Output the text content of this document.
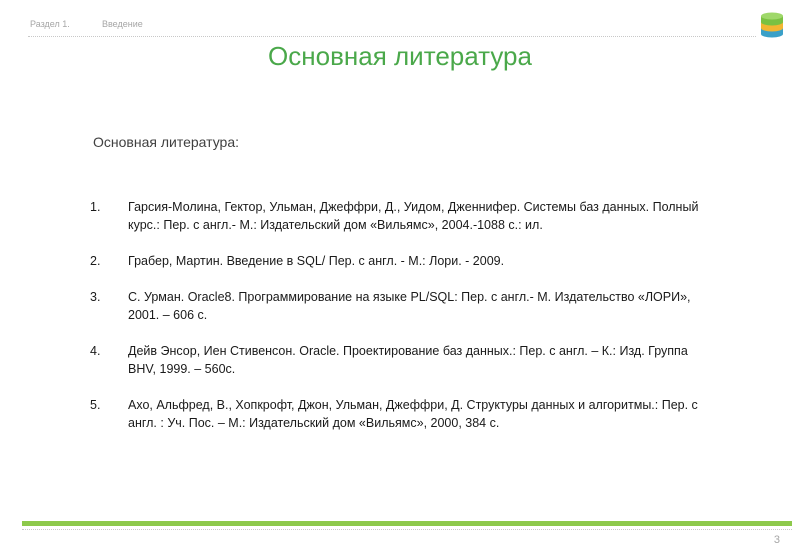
Раздел 1.	Введение
Основная литература
Основная литература:
1. Гарсия-Молина, Гектор, Ульман, Джеффри, Д., Уидом, Дженнифер. Системы баз данных. Полный курс.: Пер. с англ.- М.: Издательский дом «Вильямс», 2004.-1088 с.: ил.
2. Грабер, Мартин. Введение в SQL/ Пер. с англ. - М.: Лори. - 2009.
3. С. Урман. Oracle8. Программирование на языке PL/SQL: Пер. с англ.- М. Издательство «ЛОРИ», 2001. – 606 с.
4. Дейв Энсор, Иен Стивенсон. Oracle. Проектирование баз данных.: Пер. с англ. – К.: Изд. Группа BHV, 1999. – 560с.
5. Ахо, Альфред, В., Хопкрофт, Джон, Ульман, Джеффри, Д. Структуры данных и алгоритмы.: Пер. с англ. : Уч. Пос. – М.: Издательский дом «Вильямс», 2000, 384 с.
3
